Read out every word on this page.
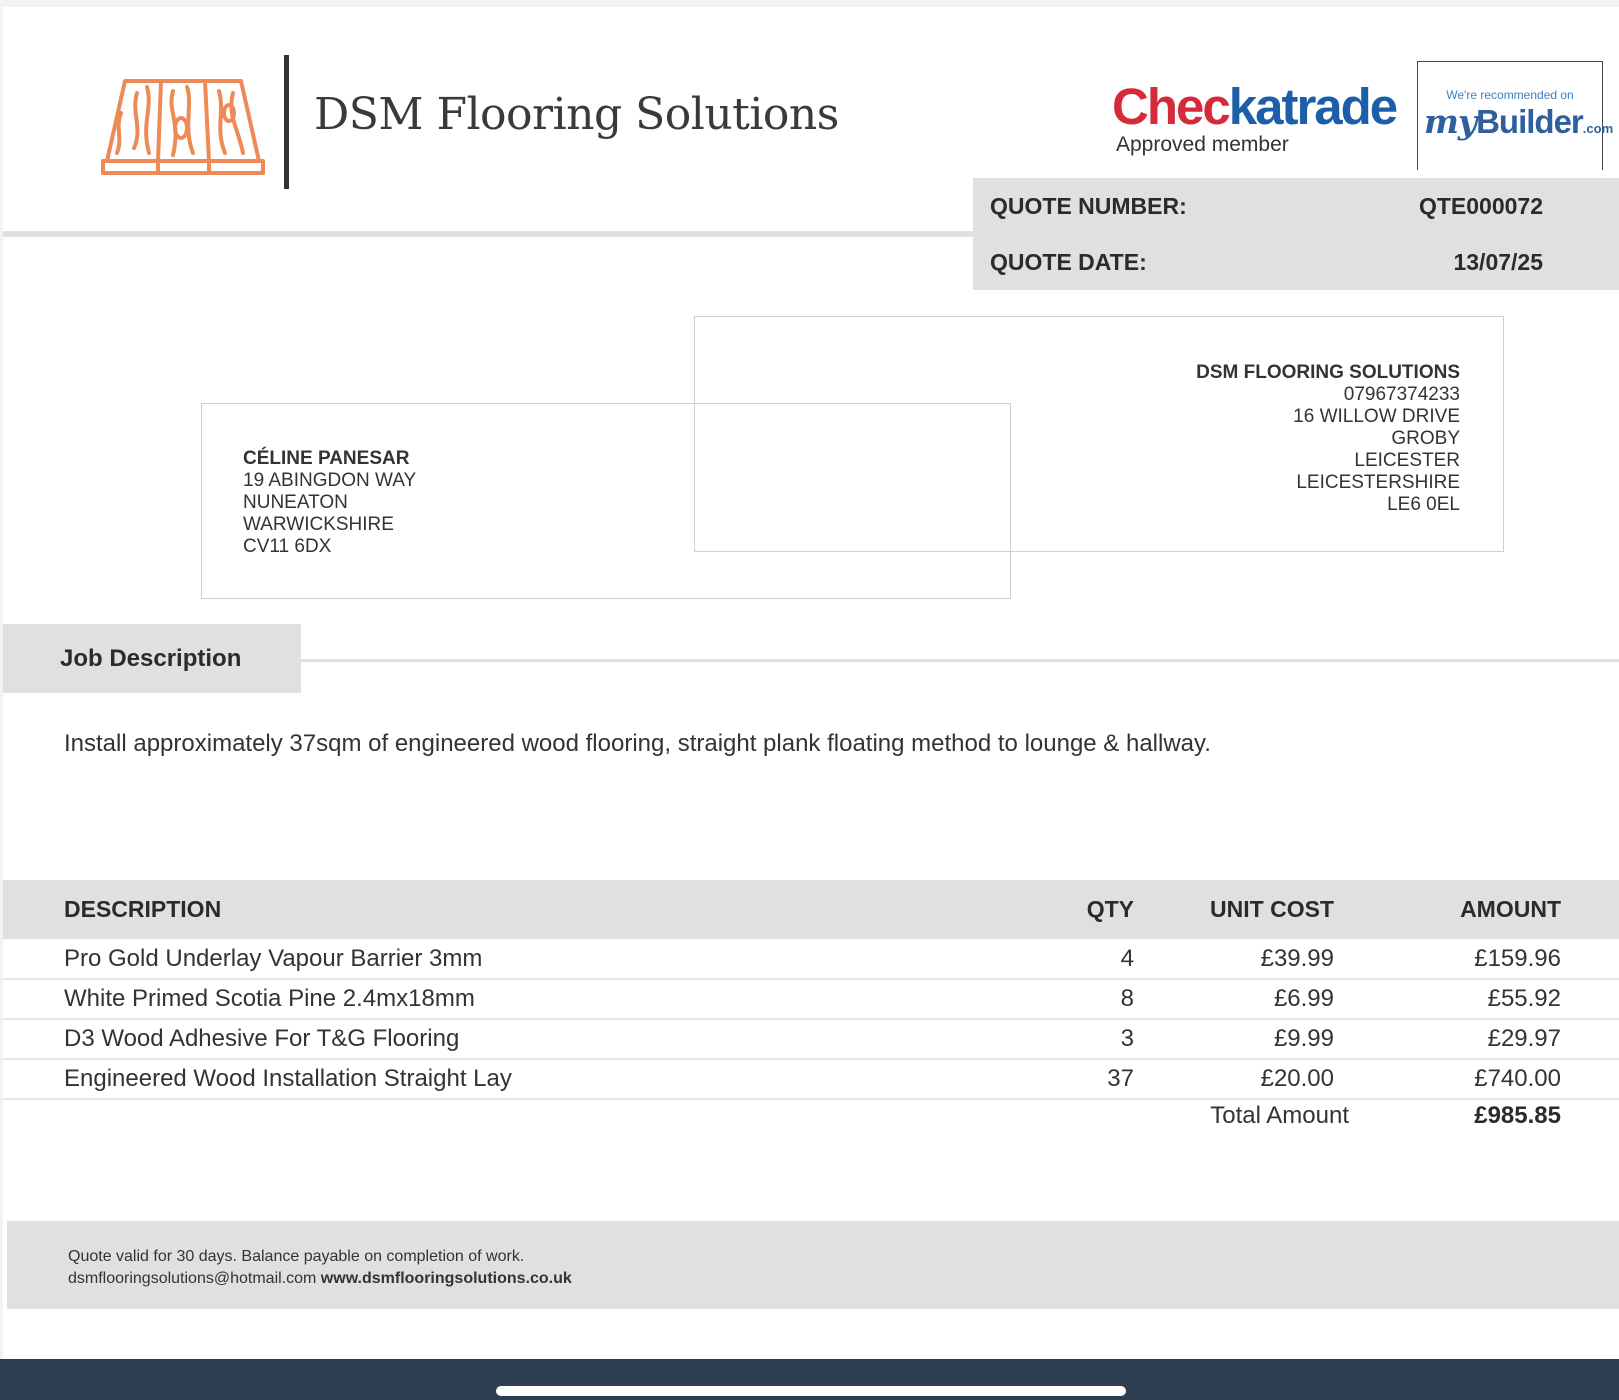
DSM Flooring Solutions	Checkatrade
Approved member
We're recommended on
myBuilder.com
QUOTE NUMBER:	QTE000072
QUOTE DATE:	13/07/25
CÉLINE PANESAR
19 ABINGDON WAY
NUNEATON
WARWICKSHIRE
CV11 6DX
DSM FLOORING SOLUTIONS
07967374233
16 WILLOW DRIVE
GROBY
LEICESTER
LEICESTERSHIRE
LE6 0EL
Job Description
Install approximately 37sqm of engineered wood flooring, straight plank floating method to lounge & hallway.
DESCRIPTION	QTY	UNIT COST	AMOUNT
Pro Gold Underlay Vapour Barrier 3mm	4	£39.99	£159.96
White Primed Scotia Pine 2.4mx18mm	8	£6.99	£55.92
D3 Wood Adhesive For T&G Flooring	3	£9.99	£29.97
Engineered Wood Installation Straight Lay	37	£20.00	£740.00
Total Amount	£985.85
Quote valid for 30 days. Balance payable on completion of work.
dsmflooringsolutions@hotmail.com www.dsmflooringsolutions.co.uk
